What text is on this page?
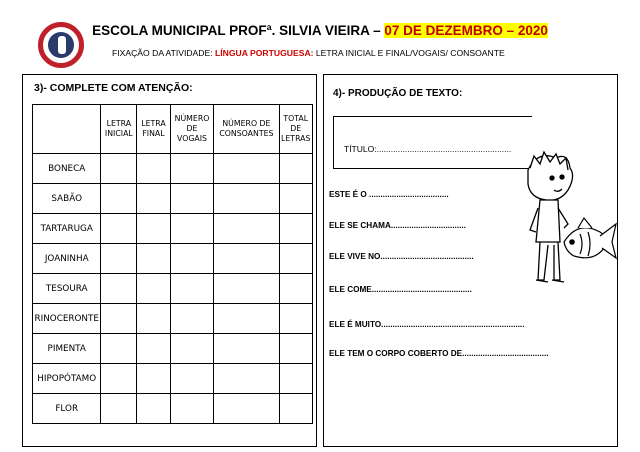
ESCOLA MUNICIPAL PROFª. SILVIA VIEIRA – 07 DE DEZEMBRO – 2020
FIXAÇÃO DA ATIVIDADE: LÍNGUA PORTUGUESA: LETRA INICIAL E FINAL/VOGAIS/ CONSOANTE
3)- COMPLETE COM ATENÇÃO:
	LETRA INICIAL	LETRA FINAL	NÚMERO DE VOGAIS	NÚMERO DE CONSOANTES	TOTAL DE LETRAS
BONECA					
SABÃO					
TARTARUGA					
JOANINHA					
TESOURA					
RINOCERONTE					
PIMENTA					
HIPOPÓTAMO					
FLOR					
4)- PRODUÇÃO DE TEXTO:
TÍTULO:.........................................................
ESTE É O ...................................
ELE SE CHAMA.................................
ELE VIVE NO.........................................
ELE COME............................................
ELE É MUITO...............................................................
ELE TEM O CORPO COBERTO DE......................................
